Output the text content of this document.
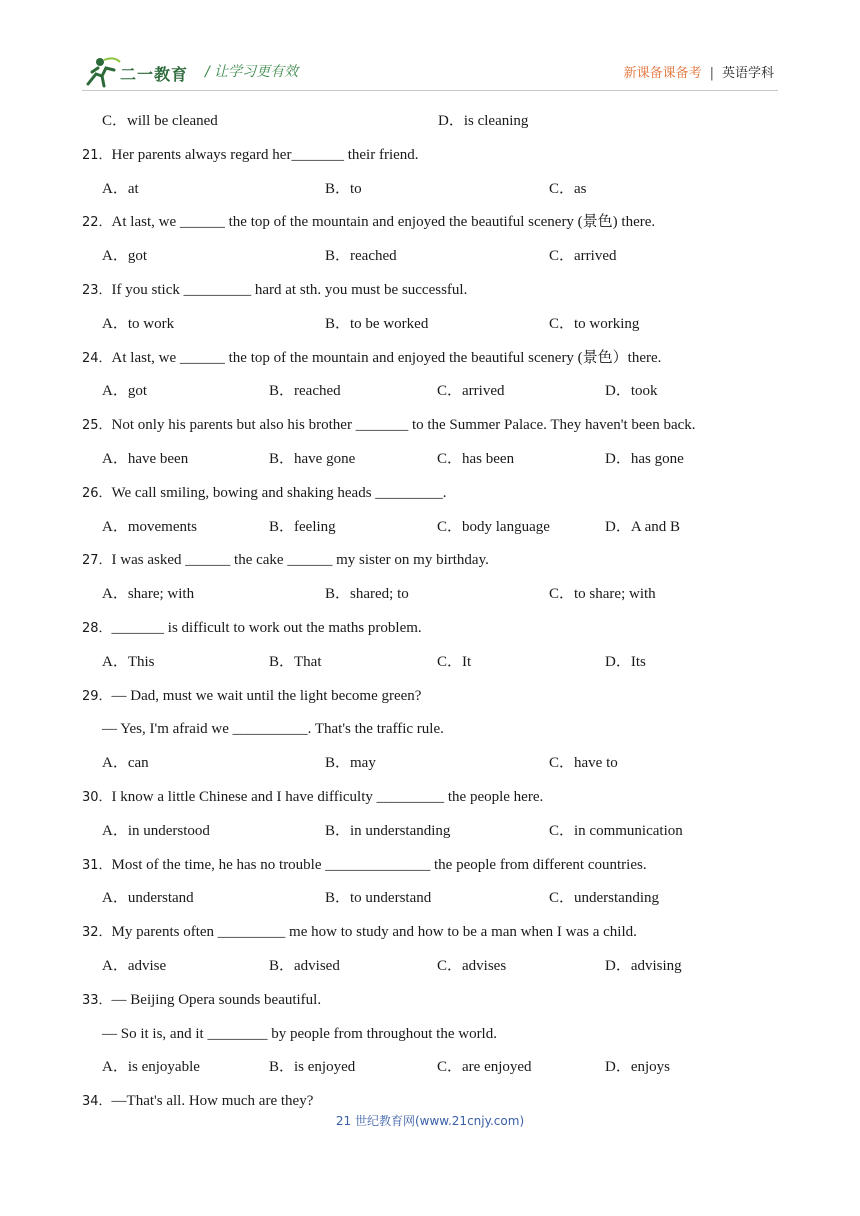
二一教育 / 让学习更有效	新课备课备考 | 英语学科
C．will be cleaned	D．is cleaning
21．Her parents always regard her_______ their friend.
A．at	B．to	C．as
22．At last, we ______ the top of the mountain and enjoyed the beautiful scenery (景色) there.
A．got	B．reached	C．arrived
23．If you stick _________ hard at sth. you must be successful.
A．to work	B．to be worked	C．to working
24．At last, we ______ the top of the mountain and enjoyed the beautiful scenery (景色）there.
A．got	B．reached	C．arrived	D．took
25．Not only his parents but also his brother _______ to the Summer Palace. They haven't been back.
A．have been	B．have gone	C．has been	D．has gone
26．We call smiling, bowing and shaking heads _________.
A．movements	B．feeling	C．body language	D．A and B
27．I was asked ______ the cake ______ my sister on my birthday.
A．share; with	B．shared; to	C．to share; with
28．_______ is difficult to work out the maths problem.
A．This	B．That	C．It	D．Its
29．— Dad, must we wait until the light become green?
— Yes, I'm afraid we __________. That's the traffic rule.
A．can	B．may	C．have to
30．I know a little Chinese and I have difficulty _________ the people here.
A．in understood	B．in understanding	C．in communication
31．Most of the time, he has no trouble ______________ the people from different countries.
A．understand	B．to understand	C．understanding
32．My parents often _________ me how to study and how to be a man when I was a child.
A．advise	B．advised	C．advises	D．advising
33．— Beijing Opera sounds beautiful.
— So it is, and it ________ by people from throughout the world.
A．is enjoyable	B．is enjoyed	C．are enjoyed	D．enjoys
34．—That's all. How much are they?
21 世纪教育网(www.21cnjy.com)
